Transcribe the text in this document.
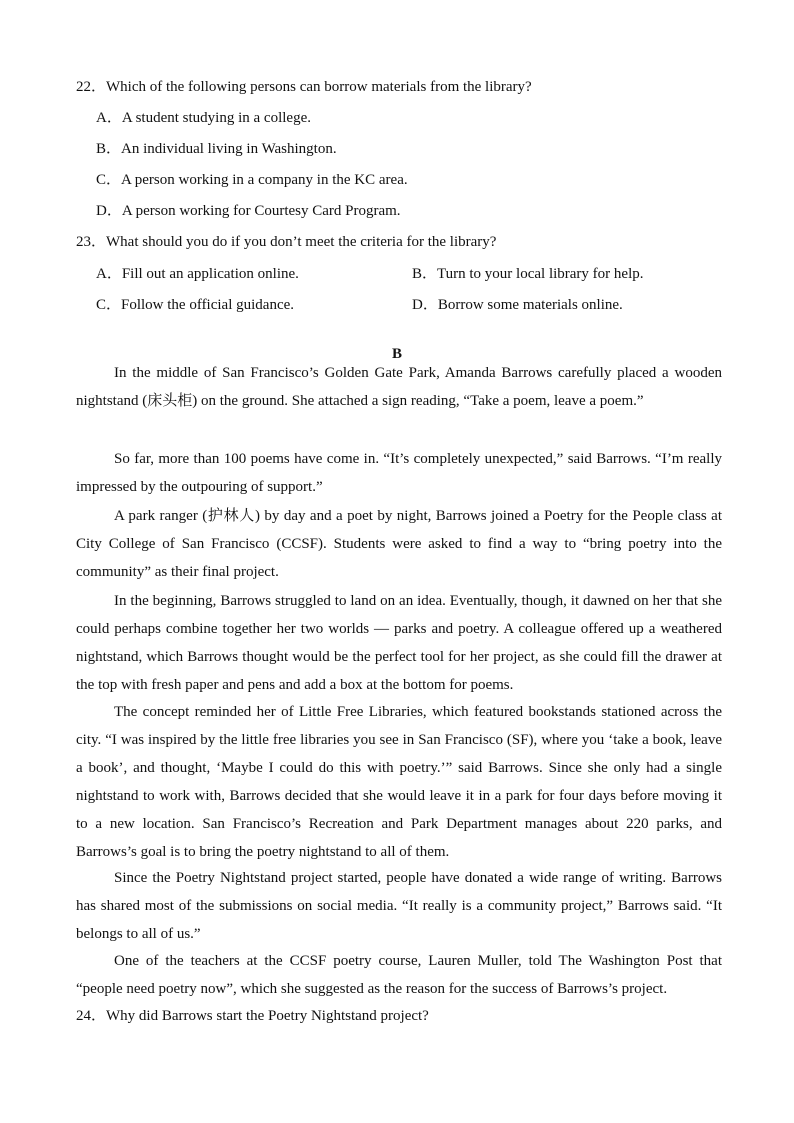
22．Which of the following persons can borrow materials from the library?
A．A student studying in a college.
B．An individual living in Washington.
C．A person working in a company in the KC area.
D．A person working for Courtesy Card Program.
23．What should you do if you don’t meet the criteria for the library?
A．Fill out an application online.	B．Turn to your local library for help.
C．Follow the official guidance.	D．Borrow some materials online.
B
In the middle of San Francisco’s Golden Gate Park, Amanda Barrows carefully placed a wooden nightstand (床头柜) on the ground. She attached a sign reading, “Take a poem, leave a poem.”
So far, more than 100 poems have come in. “It’s completely unexpected,” said Barrows. “I’m really impressed by the outpouring of support.”
A park ranger (护林人) by day and a poet by night, Barrows joined a Poetry for the People class at City College of San Francisco (CCSF). Students were asked to find a way to “bring poetry into the community” as their final project.
In the beginning, Barrows struggled to land on an idea. Eventually, though, it dawned on her that she could perhaps combine together her two worlds — parks and poetry. A colleague offered up a weathered nightstand, which Barrows thought would be the perfect tool for her project, as she could fill the drawer at the top with fresh paper and pens and add a box at the bottom for poems.
The concept reminded her of Little Free Libraries, which featured bookstands stationed across the city. “I was inspired by the little free libraries you see in San Francisco (SF), where you ‘take a book, leave a book’, and thought, ‘Maybe I could do this with poetry.’” said Barrows. Since she only had a single nightstand to work with, Barrows decided that she would leave it in a park for four days before moving it to a new location. San Francisco’s Recreation and Park Department manages about 220 parks, and Barrows’s goal is to bring the poetry nightstand to all of them.
Since the Poetry Nightstand project started, people have donated a wide range of writing. Barrows has shared most of the submissions on social media. “It really is a community project,” Barrows said. “It belongs to all of us.”
One of the teachers at the CCSF poetry course, Lauren Muller, told The Washington Post that “people need poetry now”, which she suggested as the reason for the success of Barrows’s project.
24．Why did Barrows start the Poetry Nightstand project?
